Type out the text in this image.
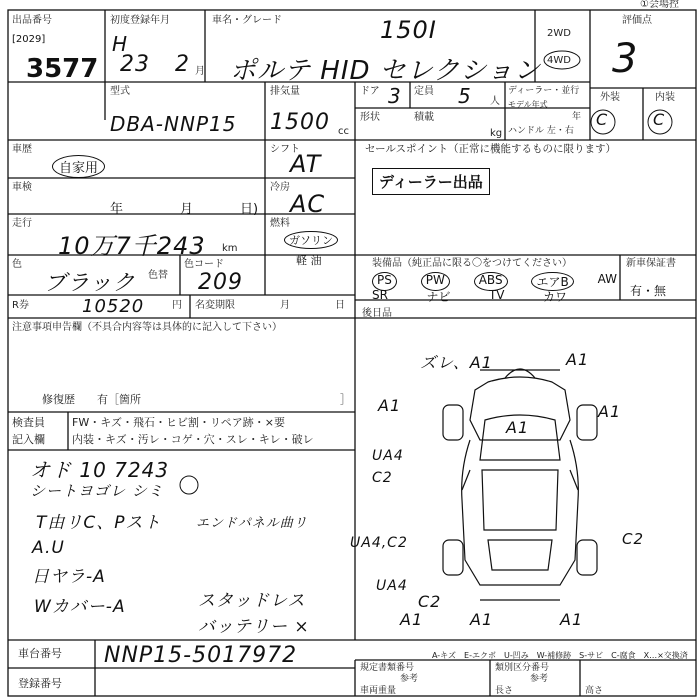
①会場控
出品番号
[2029]
3577
初度登録年月
H
23 2 月
車名・グレード	150I
ポルテ HID セレクション
2WD
4WD
評価点
3
外装	内装
C	C
型式
DBA-NNP15
排気量
1500 cc
ドア 3 定員 5 人
形状	積載
kg
ディーラー・並行
モデル年式
年
ハンドル 左・右
車歴
自家用
シフト
AT
車検
年	月	日)
冷房
AC
走行
10万7千243 km
燃料
ガソリン
軽 油
色
ブラック 色替
色コード
209
R券	10520	円 名変期限	月	日
セールスポイント（正常に機能するものに限ります）
ディーラー出品
装備品（純正品に限る〇をつけてください）
PS	PW	ABS	エアB	AW
SR	ナビ	TV	カワ
新車保証書
有・無
注意事項申告欄（不具合内容等は具体的に記入して下さい）
後日品
修復歴　　有［箇所	］
検査員
記入欄
FW・キズ・飛石・ヒビ割・リペア跡・×要
内装・キズ・汚レ・コゲ・穴・スレ・キレ・破レ
オド 10 7243
シートヨゴレ シミ
T由リC、Pスト	エンドパネル曲リ
A.U
日ヤラ-A
Wカバー-A	スタッドレス
バッテリー ×
ズレ、A1	A1
A1
A1
A1
UA4
C2
UA4,C2
UA4
C2
C2
A1	A1
A1
A-キズ　E-エクボ　U-凹み　W-補修跡　S-サビ　C-腐食　X…×交換済
車台番号 NNP15-5017972
登録番号
規定書類番号
参考
類別区分番号
参考
車両重量	長さ	高さ
